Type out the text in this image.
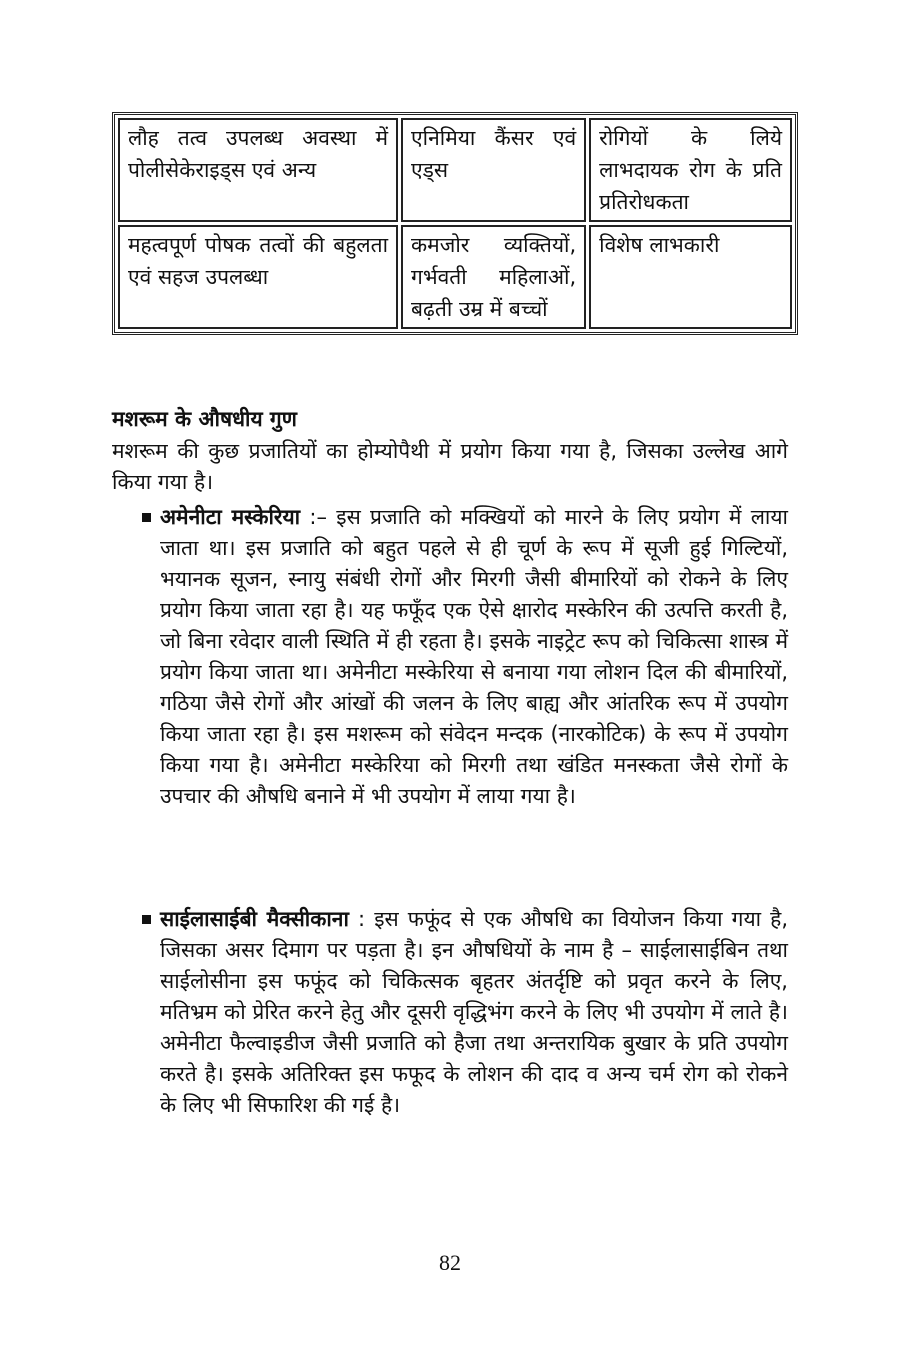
लौह तत्व उपलब्ध अवस्था में पोलीसेकेराइड्स एवं अन्य	एनिमिया कैंसर एवं एड्स	रोगियों के लिये लाभदायक रोग के प्रति प्रतिरोधकता
महत्वपूर्ण पोषक तत्वों की बहुलता एवं सहज उपलब्धा	कमजोर व्यक्तियों, गर्भवती महिलाओं, बढ़ती उम्र में बच्चों	विशेष लाभकारी
मशरूम के औषधीय गुण
मशरूम की कुछ प्रजातियों का होम्योपैथी में प्रयोग किया गया है, जिसका उल्लेख आगे किया गया है।
अमेनीटा मस्केरिया :– इस प्रजाति को मक्खियों को मारने के लिए प्रयोग में लाया जाता था। इस प्रजाति को बहुत पहले से ही चूर्ण के रूप में सूजी हुई गिल्टियों, भयानक सूजन, स्नायु संबंधी रोगों और मिरगी जैसी बीमारियों को रोकने के लिए प्रयोग किया जाता रहा है। यह फफूँद एक ऐसे क्षारोद मस्केरिन की उत्पत्ति करती है, जो बिना रवेदार वाली स्थिति में ही रहता है। इसके नाइट्रेट रूप को चिकित्सा शास्त्र में प्रयोग किया जाता था। अमेनीटा मस्केरिया से बनाया गया लोशन दिल की बीमारियों, गठिया जैसे रोगों और आंखों की जलन के लिए बाह्य और आंतरिक रूप में उपयोग किया जाता रहा है। इस मशरूम को संवेदन मन्दक (नारकोटिक) के रूप में उपयोग किया गया है। अमेनीटा मस्केरिया को मिरगी तथा खंडित मनस्कता जैसे रोगों के उपचार की औषधि बनाने में भी उपयोग में लाया गया है।
साईलासाईबी मैक्सीकाना : इस फफूंद से एक औषधि का वियोजन किया गया है, जिसका असर दिमाग पर पड़ता है। इन औषधियों के नाम है – साईलासाईबिन तथा साईलोसीना इस फफूंद को चिकित्सक बृहतर अंतर्दृष्टि को प्रवृत करने के लिए, मतिभ्रम को प्रेरित करने हेतु और दूसरी वृद्धिभंग करने के लिए भी उपयोग में लाते है। अमेनीटा फैल्वाइडीज जैसी प्रजाति को हैजा तथा अन्तरायिक बुखार के प्रति उपयोग करते है। इसके अतिरिक्त इस फफूद के लोशन की दाद व अन्य चर्म रोग को रोकने के लिए भी सिफारिश की गई है।
82
